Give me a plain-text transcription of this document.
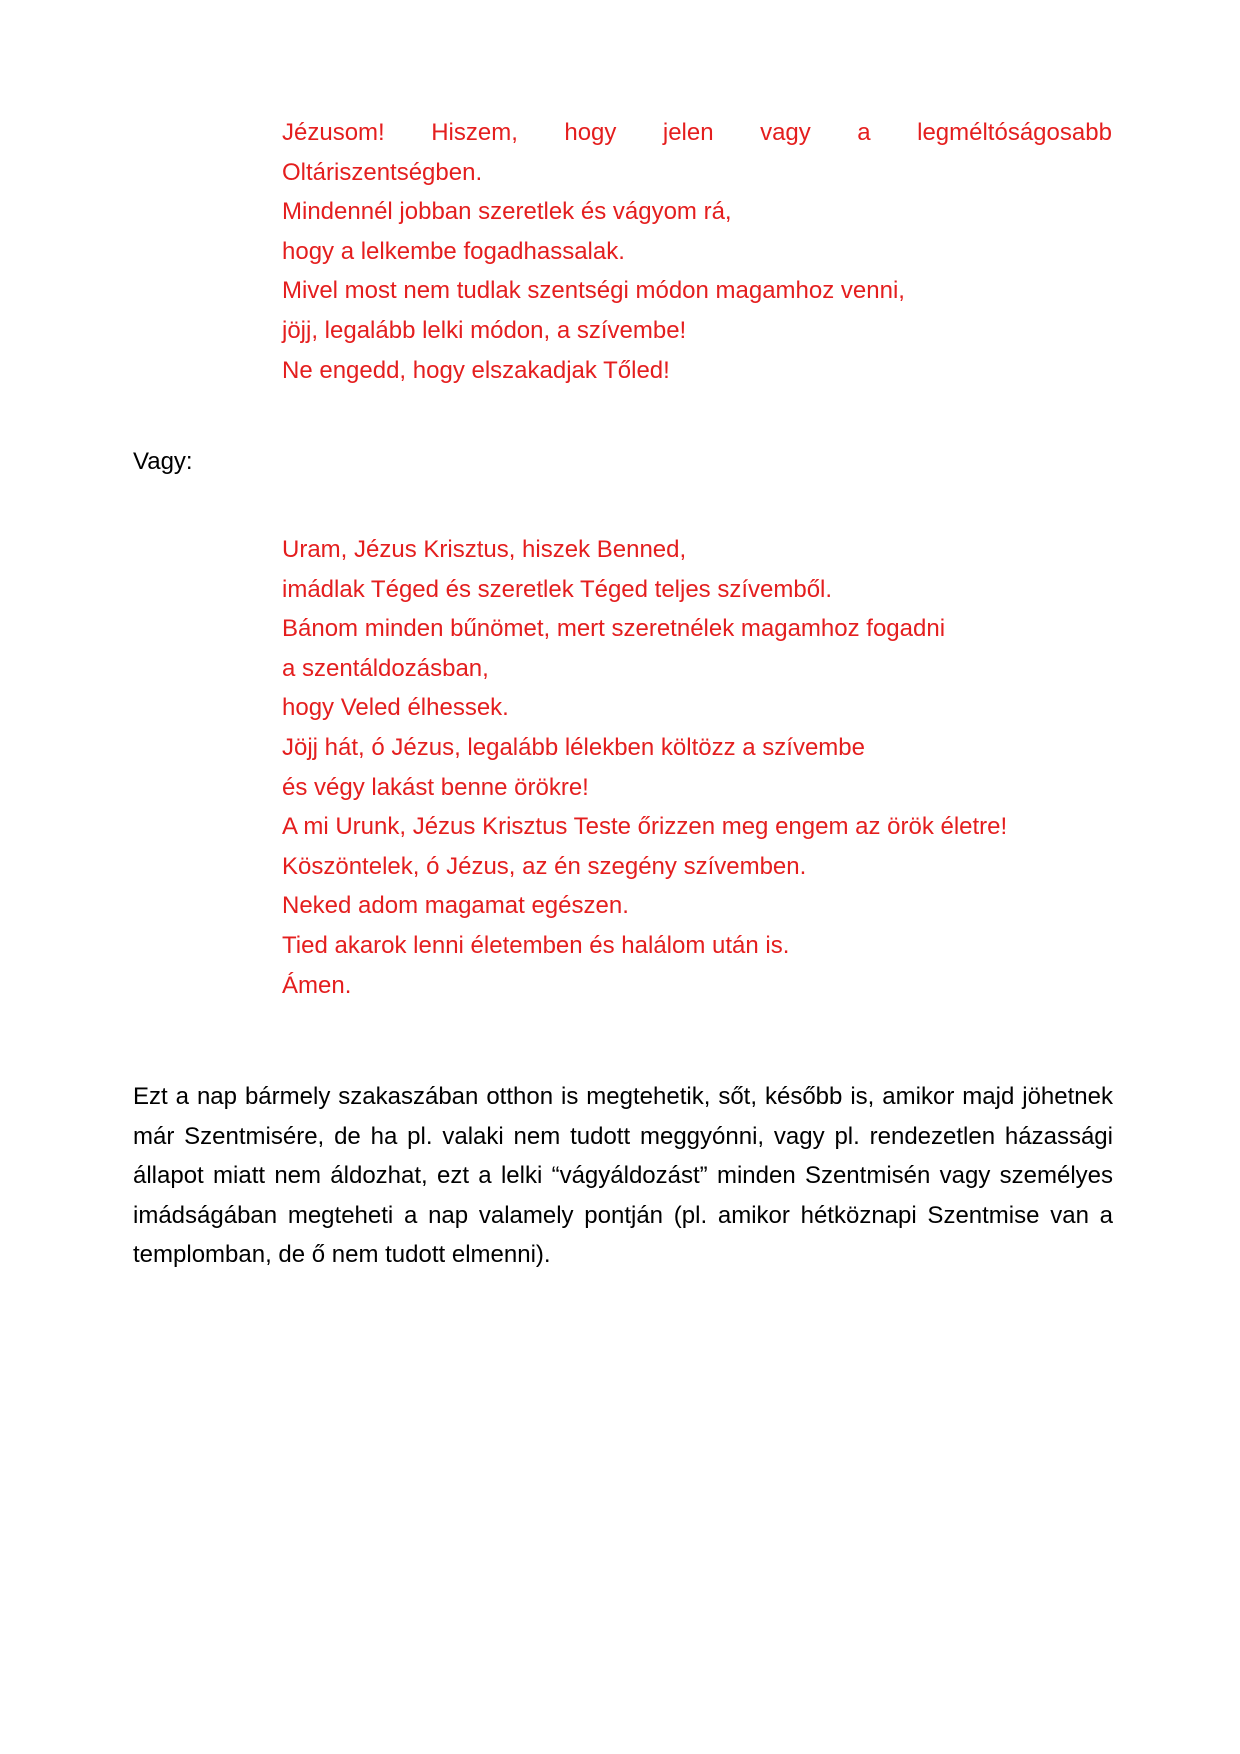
Jézusom! Hiszem, hogy jelen vagy a legméltóságosabb
Oltáriszentségben.
Mindennél jobban szeretlek és vágyom rá,
hogy a lelkembe fogadhassalak.
Mivel most nem tudlak szentségi módon magamhoz venni,
jöjj, legalább lelki módon, a szívembe!
Ne engedd, hogy elszakadjak Tőled!
Vagy:
Uram, Jézus Krisztus, hiszek Benned,
imádlak Téged és szeretlek Téged teljes szívemből.
Bánom minden bűnömet, mert szeretnélek magamhoz fogadni
a szentáldozásban,
hogy Veled élhessek.
Jöjj hát, ó Jézus, legalább lélekben költözz a szívembe
és végy lakást benne örökre!
A mi Urunk, Jézus Krisztus Teste őrizzen meg engem az örök életre!
Köszöntelek, ó Jézus, az én szegény szívemben.
Neked adom magamat egészen.
Tied akarok lenni életemben és halálom után is.
Ámen.

Ezt a nap bármely szakaszában otthon is megtehetik, sőt, később is, amikor majd jöhetnek már Szentmisére, de ha pl. valaki nem tudott meggyónni, vagy pl. rendezetlen házassági állapot miatt nem áldozhat, ezt a lelki “vágyáldozást” minden Szentmisén vagy személyes imádságában megteheti a nap valamely pontján (pl. amikor hétköznapi Szentmise van a templomban, de ő nem tudott elmenni).
